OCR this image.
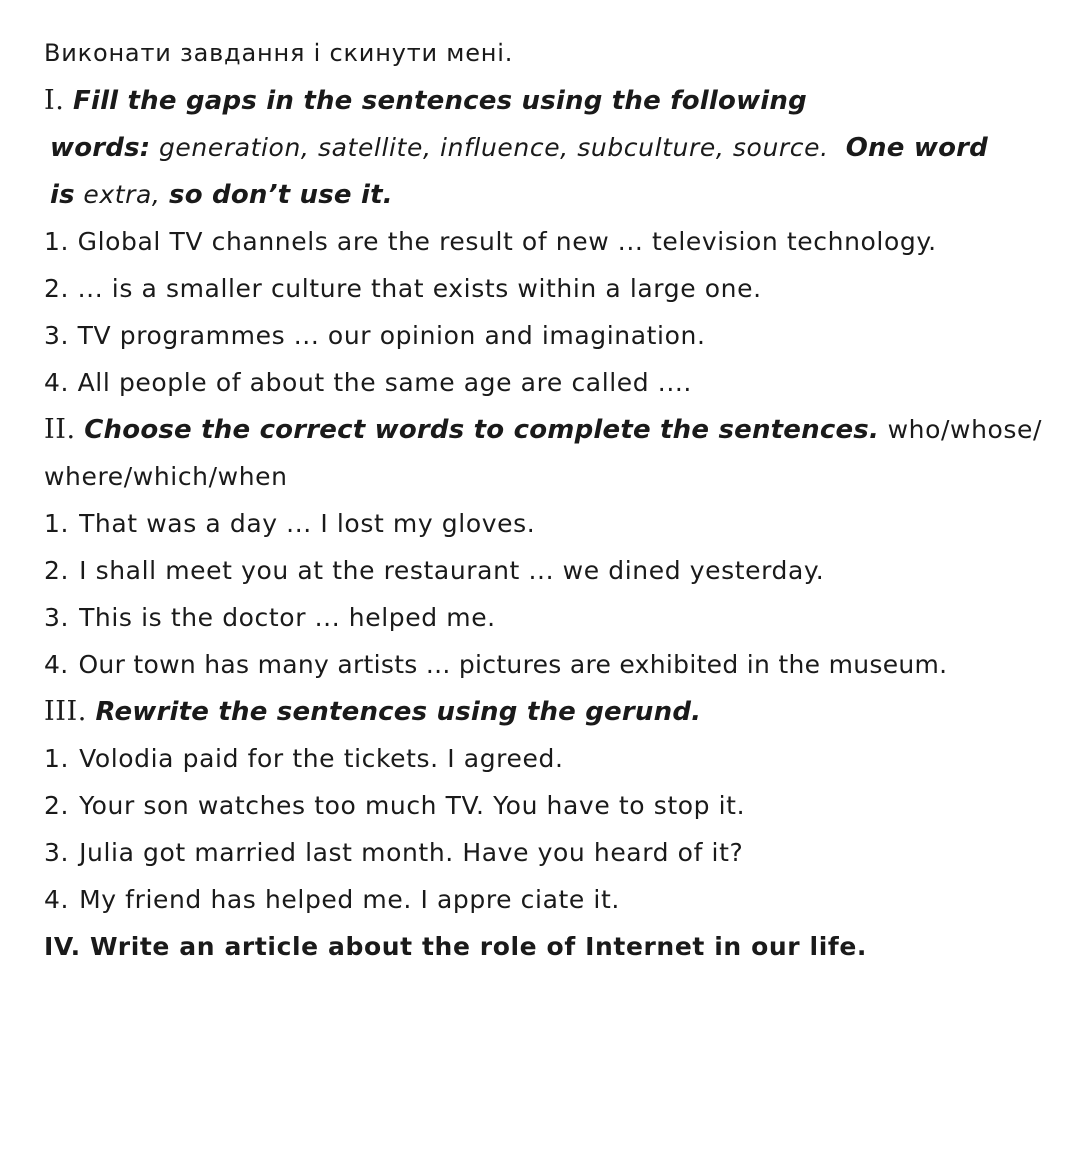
Виконати завдання і скинути мені.
I. Fill the gaps in the sentences using the following
words: generation, satellite, influence, subculture, source. One word
is extra, so don’t use it.
1. Global TV channels are the result of new ... television technology.
2. ... is a smaller culture that exists within a large one.
3. TV programmes ... our opinion and imagination.
4. All people of about the same age are called ....
II. Choose the correct words to complete the sentences. who/whose/
where/which/when
1. That was a day ... I lost my gloves.
2. I shall meet you at the restaurant ... we dined yesterday.
3. This is the doctor ... helped me.
4. Our town has many artists ... pictures are exhibited in the museum.
III. Rewrite the sentences using the gerund.
1. Volodia paid for the tickets. I agreed.
2. Your son watches too much TV. You have to stop it.
3. Julia got married last month. Have you heard of it?
4. My friend has helped me. I appre ciate it.
IV. Write an article about the role of Internet in our life.
